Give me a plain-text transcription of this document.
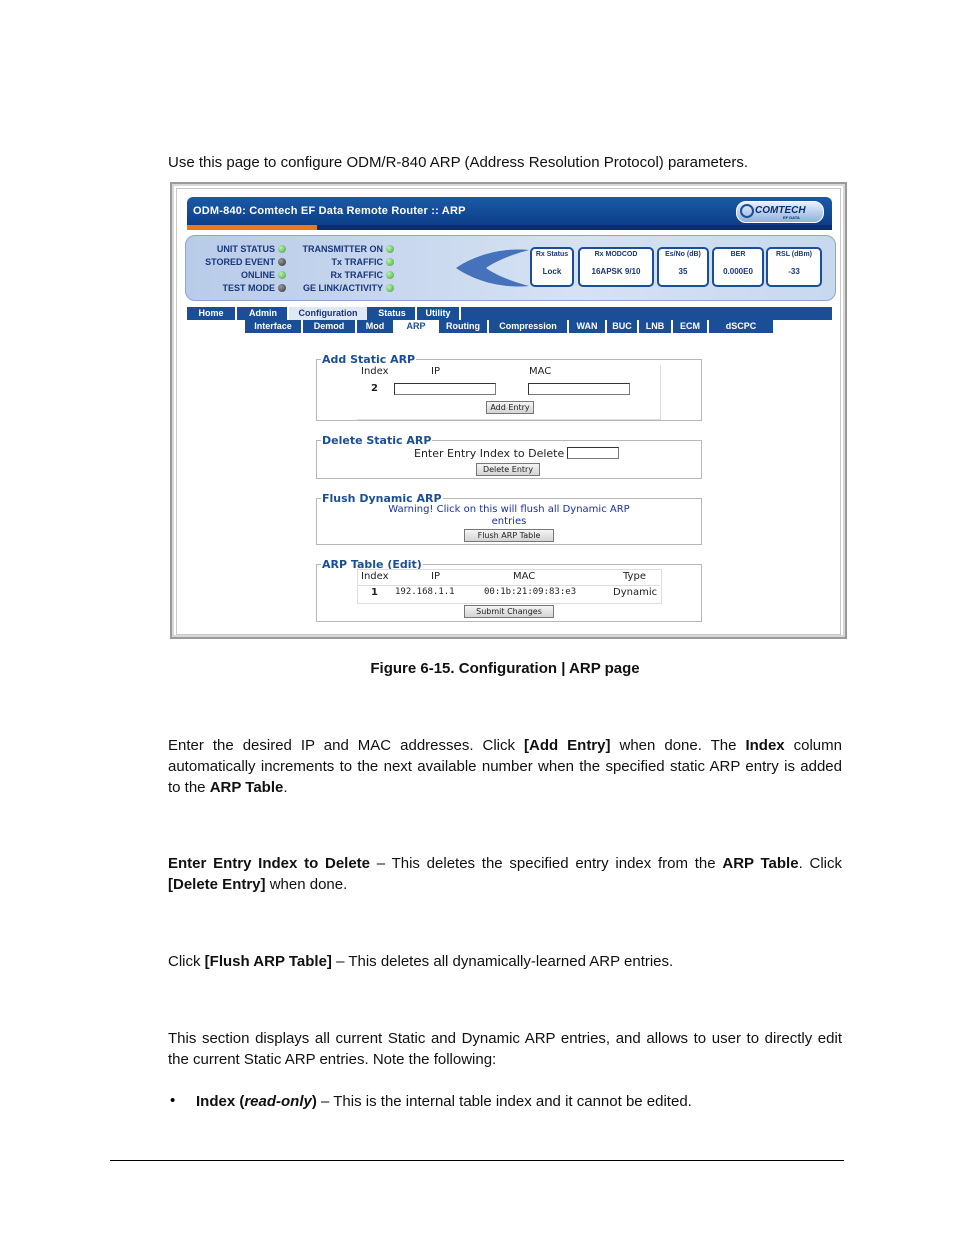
Use this page to configure ODM/R-840 ARP (Address Resolution Protocol) parameters.
ODM-840: Comtech EF Data Remote Router :: ARP	COMTECH
EF DATA
UNIT STATUS
STORED EVENT
ONLINE
TEST MODE
TRANSMITTER ON
Tx TRAFFIC
Rx TRAFFIC
GE LINK/ACTIVITY
Rx Status
Lock
Rx MODCOD
16APSK 9/10
Es/No (dB)
35
BER
0.000E0
RSL (dBm)
-33
Home	Admin	Configuration	Status	Utility
Interface	Demod	Mod	ARP	Routing	Compression	WAN	BUC	LNB	ECM	dSCPC
Add Static ARP
Index	IP	MAC
2
Add Entry
Delete Static ARP
Enter Entry Index to Delete
Delete Entry
Flush Dynamic ARP
Warning! Click on this will flush all Dynamic ARP
entries
Flush ARP Table
ARP Table (Edit)
Index	IP	MAC	Type
1 192.168.1.1	00:1b:21:09:83:e3	Dynamic
Submit Changes
Figure 6-15. Configuration | ARP page
Enter the desired IP and MAC addresses. Click [Add Entry] when done. The Index column automatically increments to the next available number when the specified static ARP entry is added to the ARP Table.
Enter Entry Index to Delete – This deletes the specified entry index from the ARP Table. Click [Delete Entry] when done.
Click [Flush ARP Table] – This deletes all dynamically-learned ARP entries.
This section displays all current Static and Dynamic ARP entries, and allows to user to directly edit the current Static ARP entries. Note the following:
• Index (read-only) – This is the internal table index and it cannot be edited.
